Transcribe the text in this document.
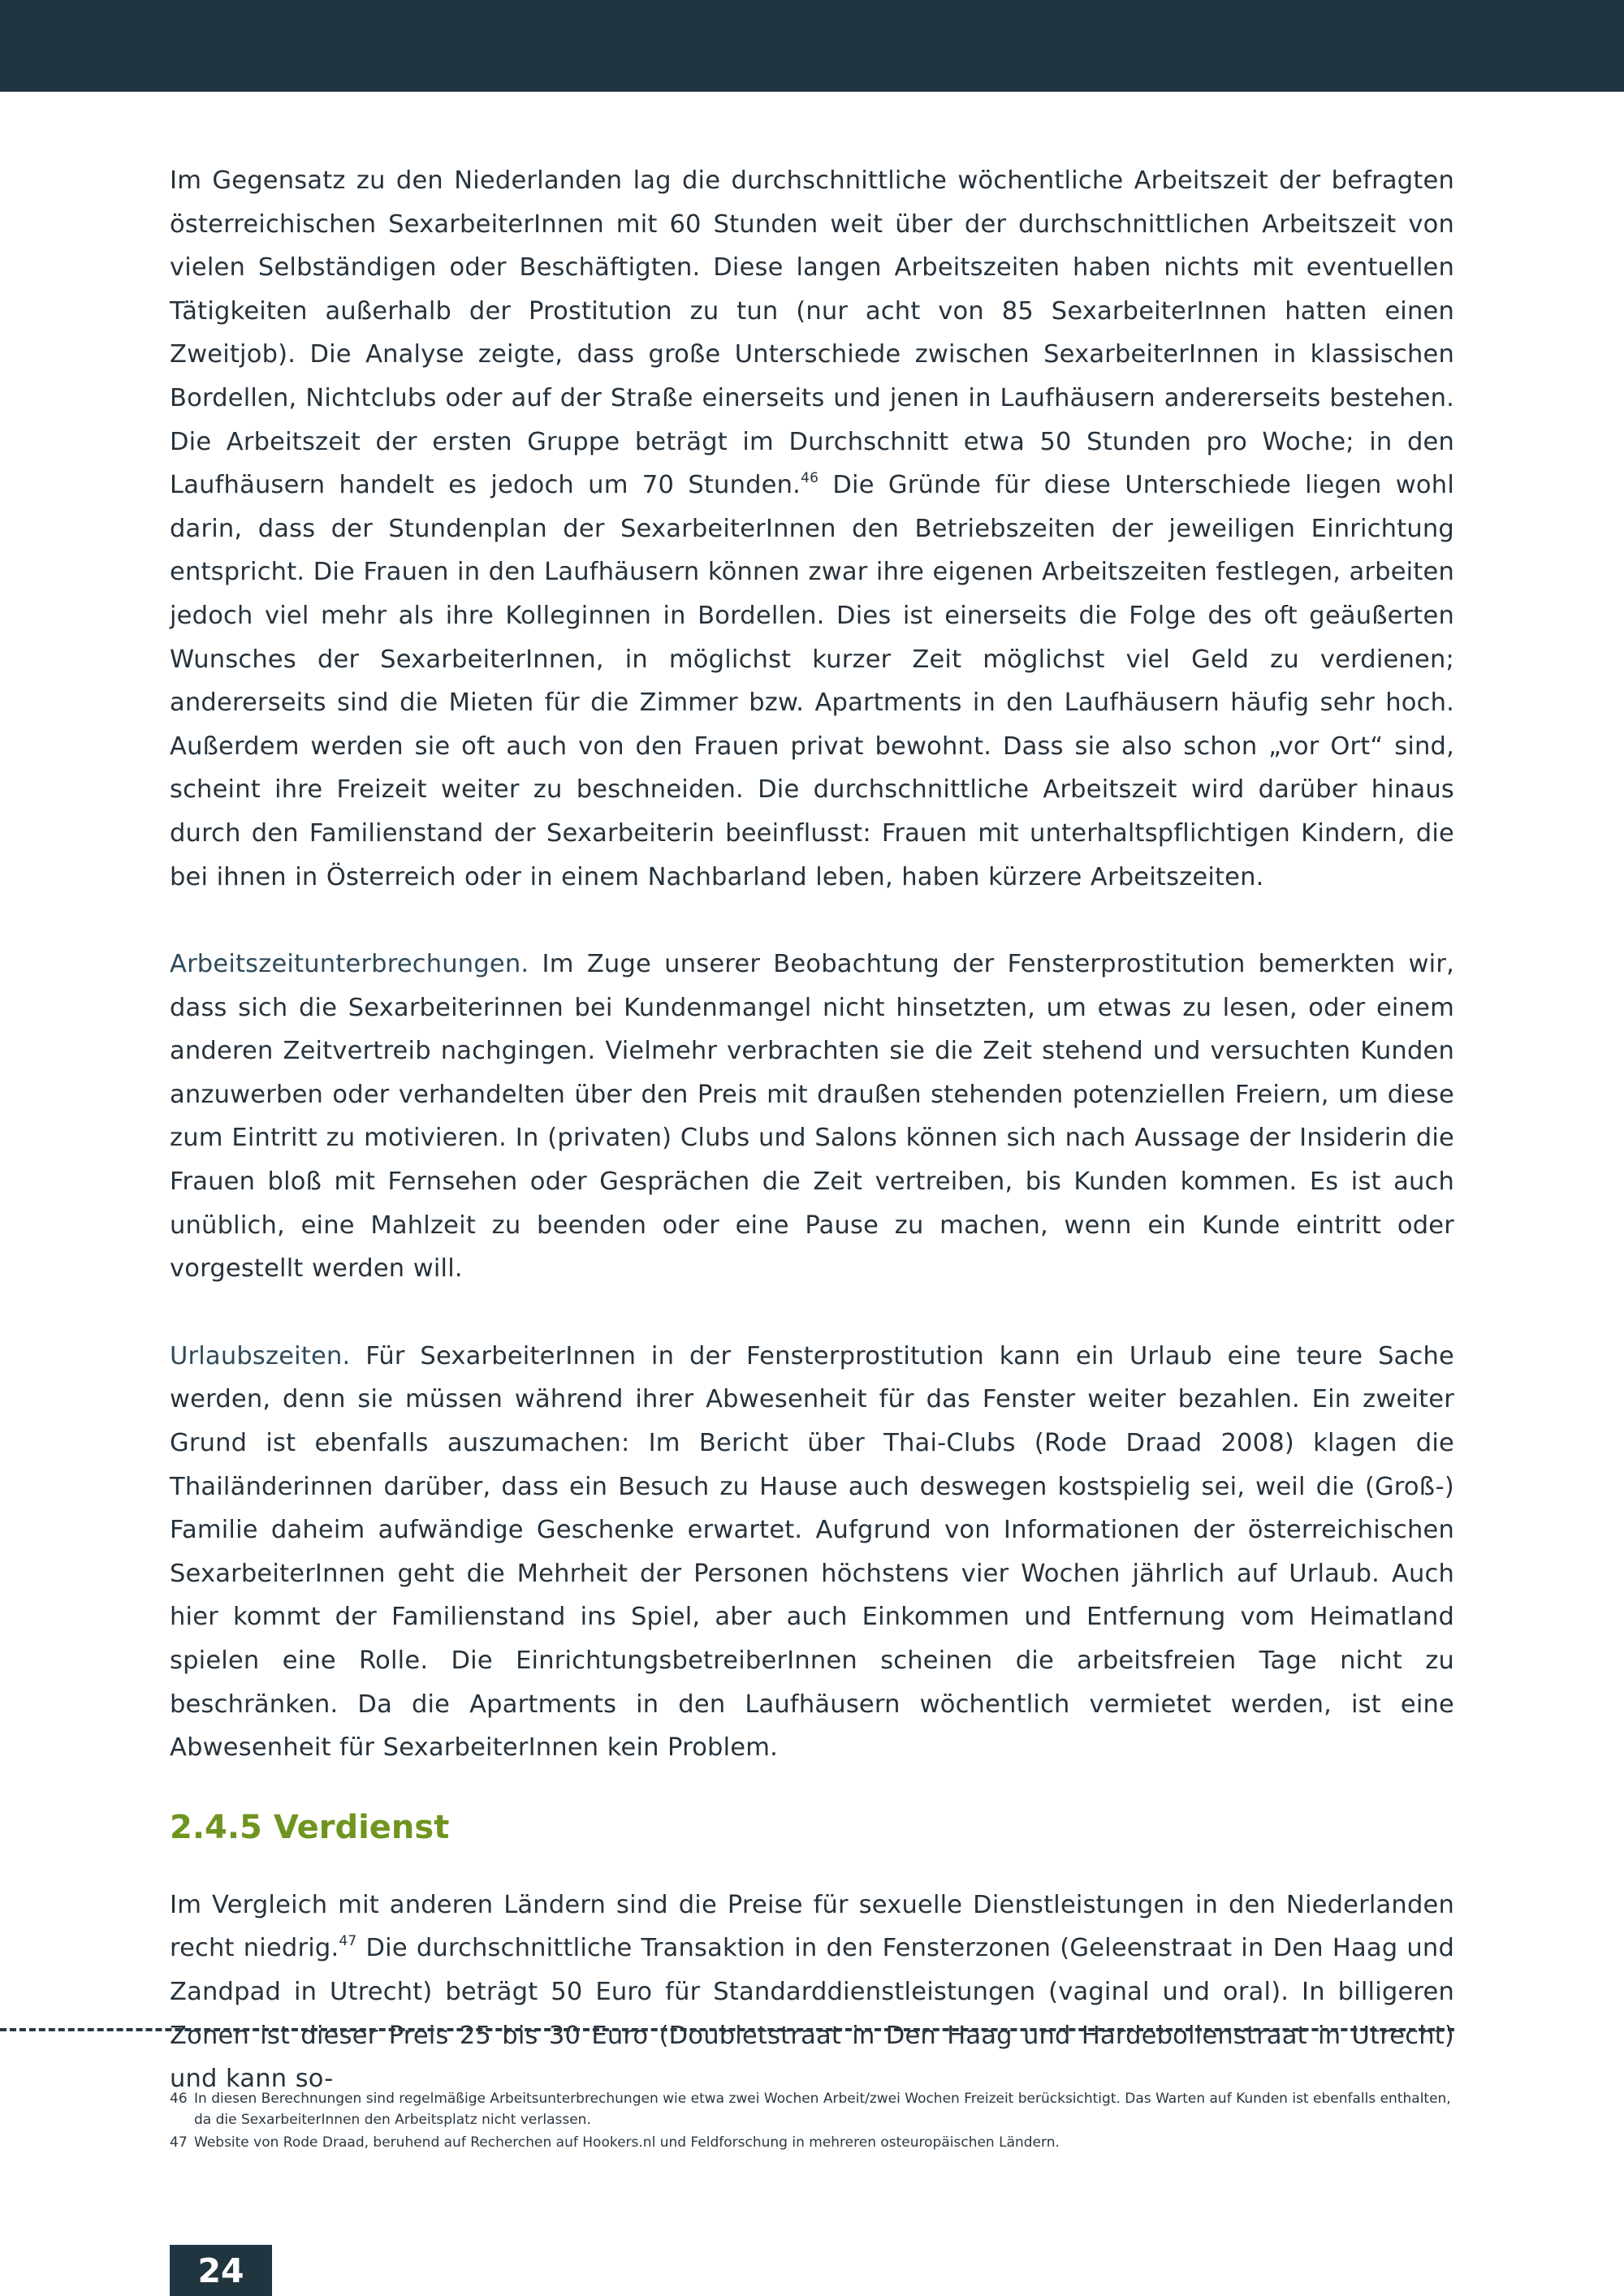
Im Gegensatz zu den Niederlanden lag die durchschnittliche wöchentliche Arbeitszeit der befragten österreichischen SexarbeiterInnen mit 60 Stunden weit über der durchschnittlichen Arbeitszeit von vielen Selbständigen oder Beschäftigten. Diese langen Arbeitszeiten haben nichts mit eventuellen Tätigkeiten außerhalb der Prostitution zu tun (nur acht von 85 SexarbeiterInnen hatten einen Zweitjob). Die Analyse zeigte, dass große Unterschiede zwischen SexarbeiterInnen in klassischen Bordellen, Nichtclubs oder auf der Straße einerseits und jenen in Laufhäusern andererseits bestehen. Die Arbeitszeit der ersten Gruppe beträgt im Durchschnitt etwa 50 Stunden pro Woche; in den Laufhäusern handelt es jedoch um 70 Stunden.$^{46}$ Die Gründe für diese Unterschiede liegen wohl darin, dass der Stundenplan der SexarbeiterInnen den Betriebszeiten der jeweiligen Einrichtung entspricht. Die Frauen in den Laufhäusern können zwar ihre eigenen Arbeitszeiten festlegen, arbeiten jedoch viel mehr als ihre Kolleginnen in Bordellen. Dies ist einerseits die Folge des oft geäußerten Wunsches der SexarbeiterInnen, in möglichst kurzer Zeit möglichst viel Geld zu verdienen; andererseits sind die Mieten für die Zimmer bzw. Apartments in den Laufhäusern häufig sehr hoch. Außerdem werden sie oft auch von den Frauen privat bewohnt. Dass sie also schon „vor Ort“ sind, scheint ihre Freizeit weiter zu beschneiden. Die durchschnittliche Arbeitszeit wird darüber hinaus durch den Familienstand der Sexarbeiterin beeinflusst: Frauen mit unterhaltspflichtigen Kindern, die bei ihnen in Österreich oder in einem Nachbarland leben, haben kürzere Arbeitszeiten.

Arbeitszeitunterbrechungen. Im Zuge unserer Beobachtung der Fensterprostitution bemerkten wir, dass sich die Sexarbeiterinnen bei Kundenmangel nicht hinsetzten, um etwas zu lesen, oder einem anderen Zeitvertreib nachgingen. Vielmehr verbrachten sie die Zeit stehend und versuchten Kunden anzuwerben oder verhandelten über den Preis mit draußen stehenden potenziellen Freiern, um diese zum Eintritt zu motivieren. In (privaten) Clubs und Salons können sich nach Aussage der Insiderin die Frauen bloß mit Fernsehen oder Gesprächen die Zeit vertreiben, bis Kunden kommen. Es ist auch unüblich, eine Mahlzeit zu beenden oder eine Pause zu machen, wenn ein Kunde eintritt oder vorgestellt werden will.

Urlaubszeiten. Für SexarbeiterInnen in der Fensterprostitution kann ein Urlaub eine teure Sache werden, denn sie müssen während ihrer Abwesenheit für das Fenster weiter bezahlen. Ein zweiter Grund ist ebenfalls auszumachen: Im Bericht über Thai-Clubs (Rode Draad 2008) klagen die Thailänderinnen darüber, dass ein Besuch zu Hause auch deswegen kostspielig sei, weil die (Groß-) Familie daheim aufwändige Geschenke erwartet. Aufgrund von Informationen der österreichischen SexarbeiterInnen geht die Mehrheit der Personen höchstens vier Wochen jährlich auf Urlaub. Auch hier kommt der Familienstand ins Spiel, aber auch Einkommen und Entfernung vom Heimatland spielen eine Rolle. Die EinrichtungsbetreiberInnen scheinen die arbeitsfreien Tage nicht zu beschränken. Da die Apartments in den Laufhäusern wöchentlich vermietet werden, ist eine Abwesenheit für SexarbeiterInnen kein Problem.

2.4.5 Verdienst

Im Vergleich mit anderen Ländern sind die Preise für sexuelle Dienstleistungen in den Niederlanden recht niedrig.$^{47}$ Die durchschnittliche Transaktion in den Fensterzonen (Geleenstraat in Den Haag und Zandpad in Utrecht) beträgt 50 Euro für Standarddienstleistungen (vaginal und oral). In billigeren Zonen ist dieser Preis 25 bis 30 Euro (Doubletstraat in Den Haag und Hardebollenstraat in Utrecht) und kann so-

46 In diesen Berechnungen sind regelmäßige Arbeitsunterbrechungen wie etwa zwei Wochen Arbeit/zwei Wochen Freizeit berücksichtigt. Das Warten auf Kunden ist ebenfalls enthalten, da die SexarbeiterInnen den Arbeitsplatz nicht verlassen.
47 Website von Rode Draad, beruhend auf Recherchen auf Hookers.nl und Feldforschung in mehreren osteuropäischen Ländern.
24
